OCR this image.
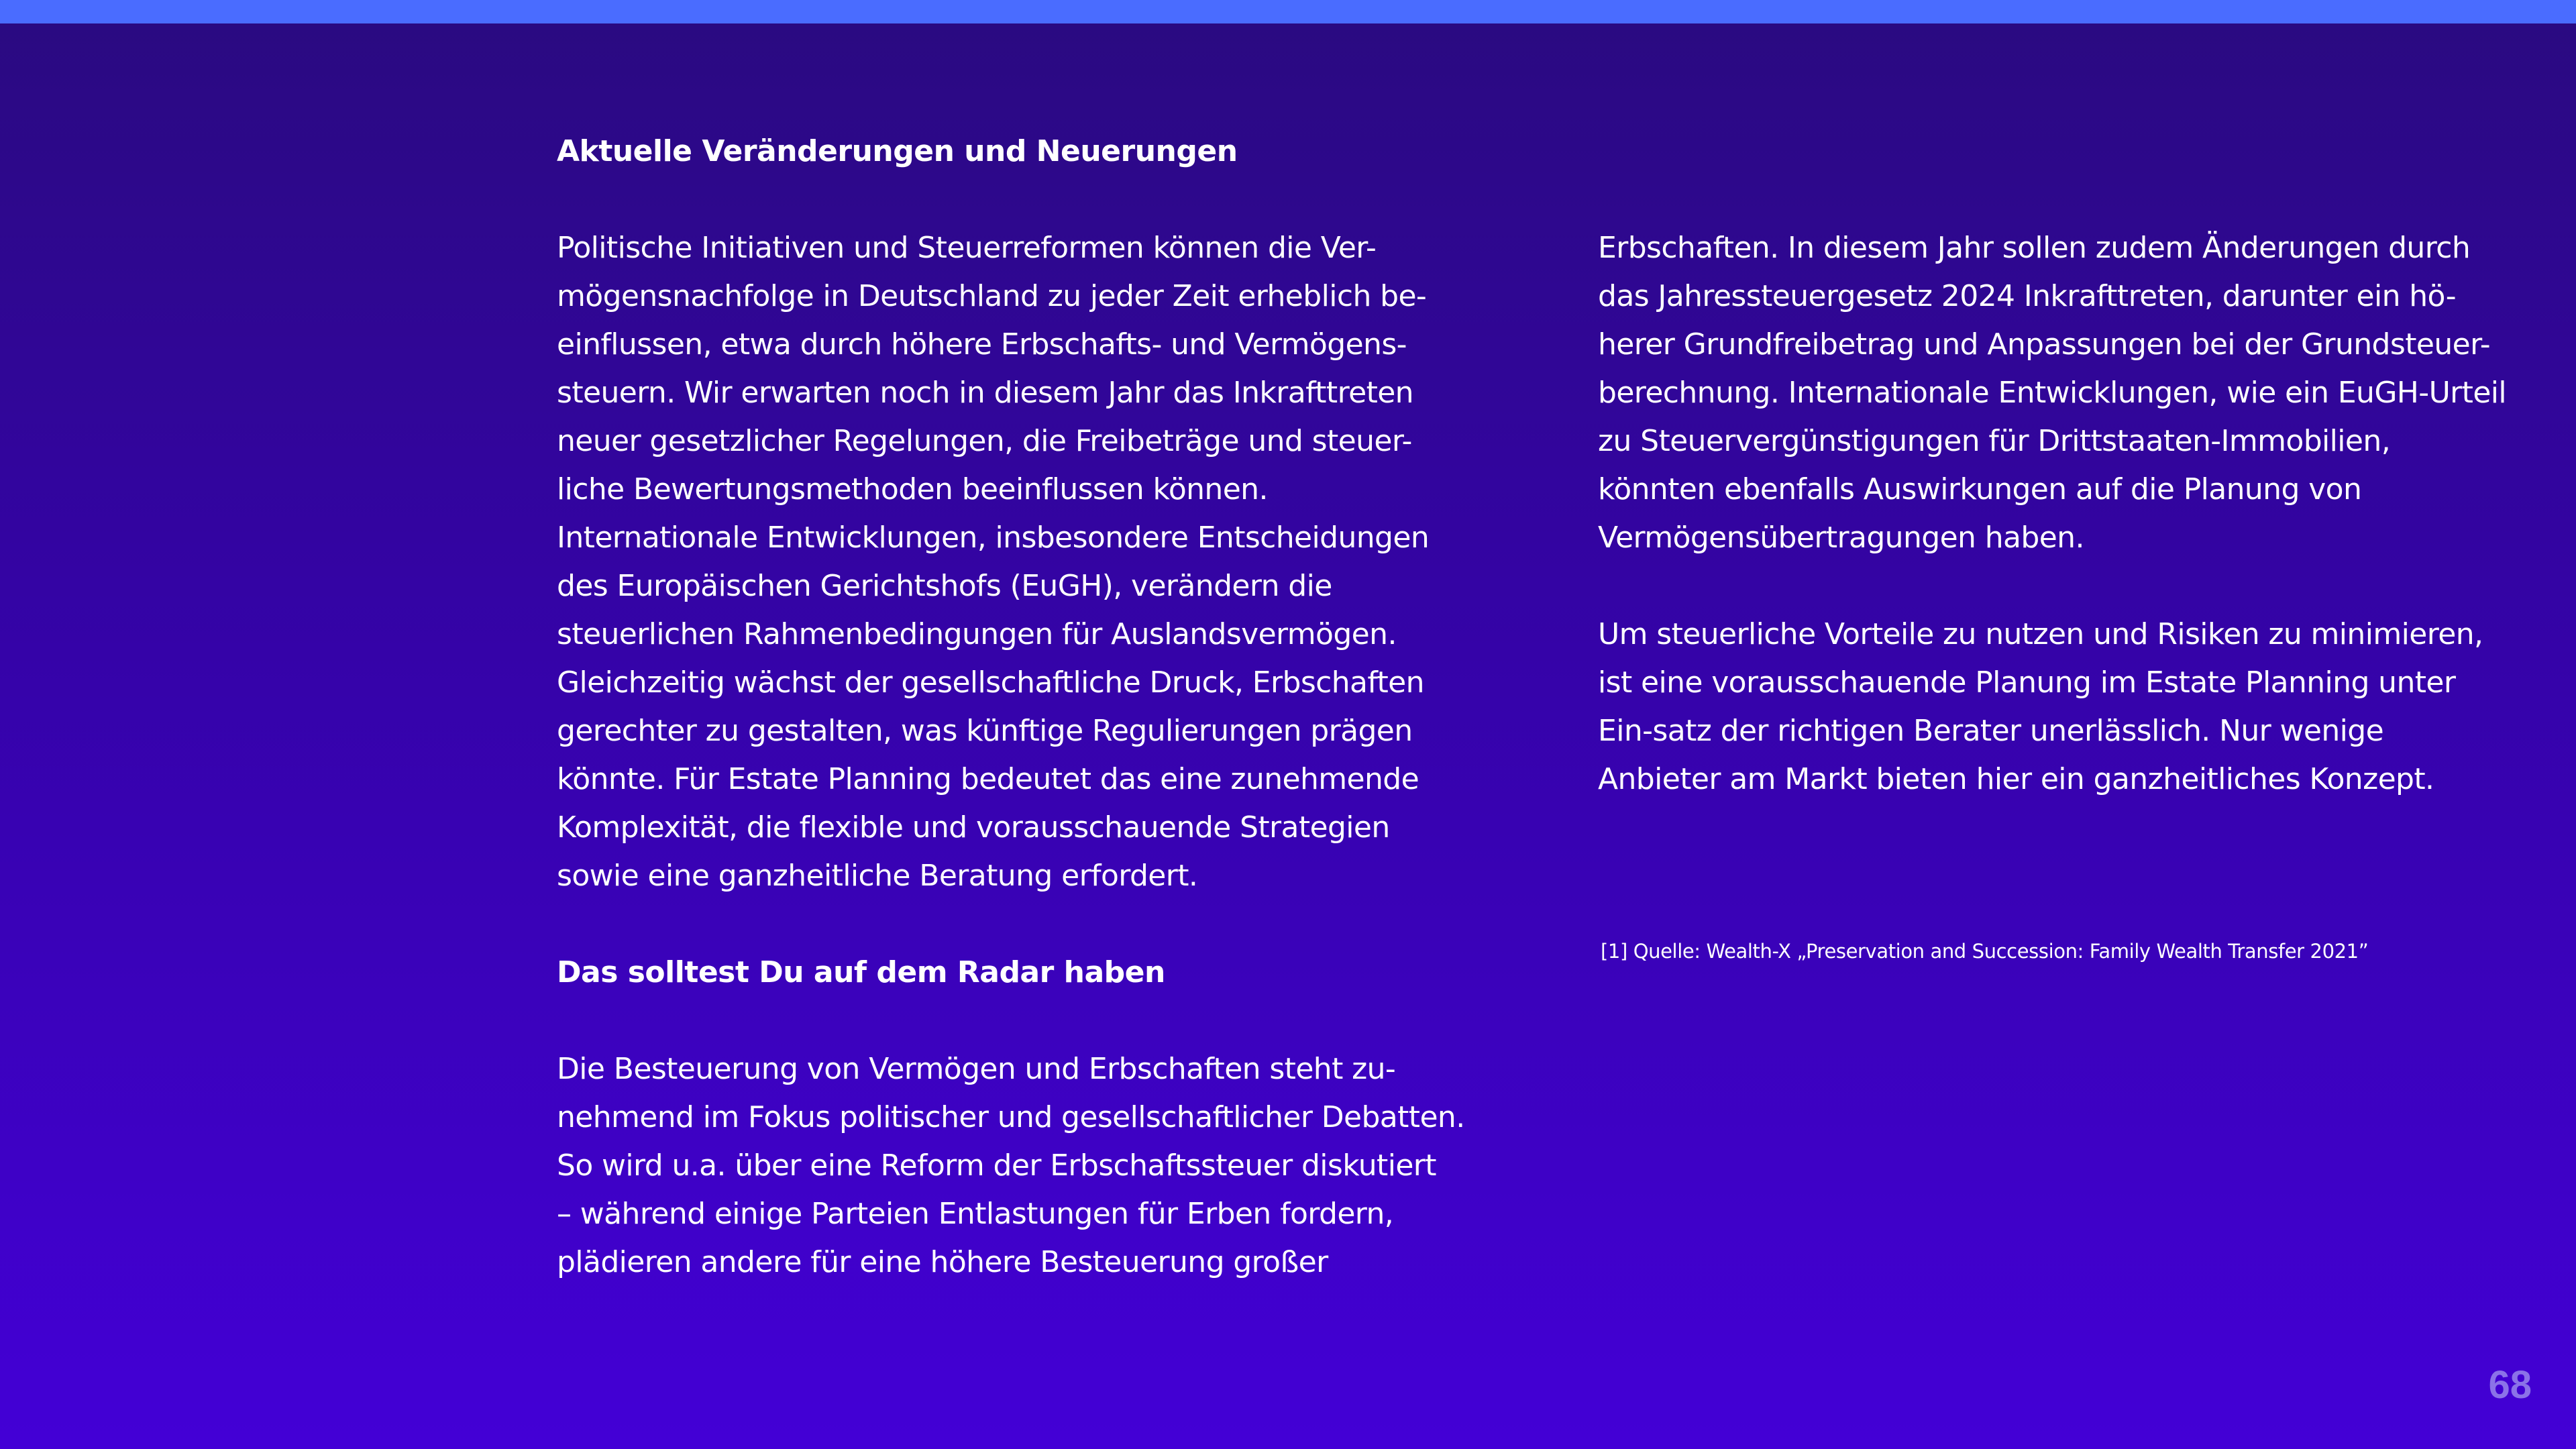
Aktuelle Veränderungen und Neuerungen

Politische Initiativen und Steuerreformen können die Ver-
mögensnachfolge in Deutschland zu jeder Zeit erheblich be-
einflussen, etwa durch höhere Erbschafts- und Vermögens-
steuern. Wir erwarten noch in diesem Jahr das Inkrafttreten
neuer gesetzlicher Regelungen, die Freibeträge und steuer-
liche Bewertungsmethoden beeinflussen können.
Internationale Entwicklungen, insbesondere Entscheidungen
des Europäischen Gerichtshofs (EuGH), verändern die
steuerlichen Rahmenbedingungen für Auslandsvermögen.
Gleichzeitig wächst der gesellschaftliche Druck, Erbschaften
gerechter zu gestalten, was künftige Regulierungen prägen
könnte. Für Estate Planning bedeutet das eine zunehmende
Komplexität, die flexible und vorausschauende Strategien
sowie eine ganzheitliche Beratung erfordert.

Das solltest Du auf dem Radar haben

Die Besteuerung von Vermögen und Erbschaften steht zu-
nehmend im Fokus politischer und gesellschaftlicher Debatten.
So wird u.a. über eine Reform der Erbschaftssteuer diskutiert
– während einige Parteien Entlastungen für Erben fordern,
plädieren andere für eine höhere Besteuerung großer

Erbschaften. In diesem Jahr sollen zudem Änderungen durch
das Jahressteuergesetz 2024 Inkrafttreten, darunter ein hö-
herer Grundfreibetrag und Anpassungen bei der Grundsteuer-
berechnung. Internationale Entwicklungen, wie ein EuGH-Urteil
zu Steuervergünstigungen für Drittstaaten-Immobilien,
könnten ebenfalls Auswirkungen auf die Planung von
Vermögensübertragungen haben.

Um steuerliche Vorteile zu nutzen und Risiken zu minimieren,
ist eine vorausschauende Planung im Estate Planning unter
Ein-satz der richtigen Berater unerlässlich. Nur wenige
Anbieter am Markt bieten hier ein ganzheitliches Konzept.

[1] Quelle: Wealth-X „Preservation and Succession: Family Wealth Transfer 2021”
68
